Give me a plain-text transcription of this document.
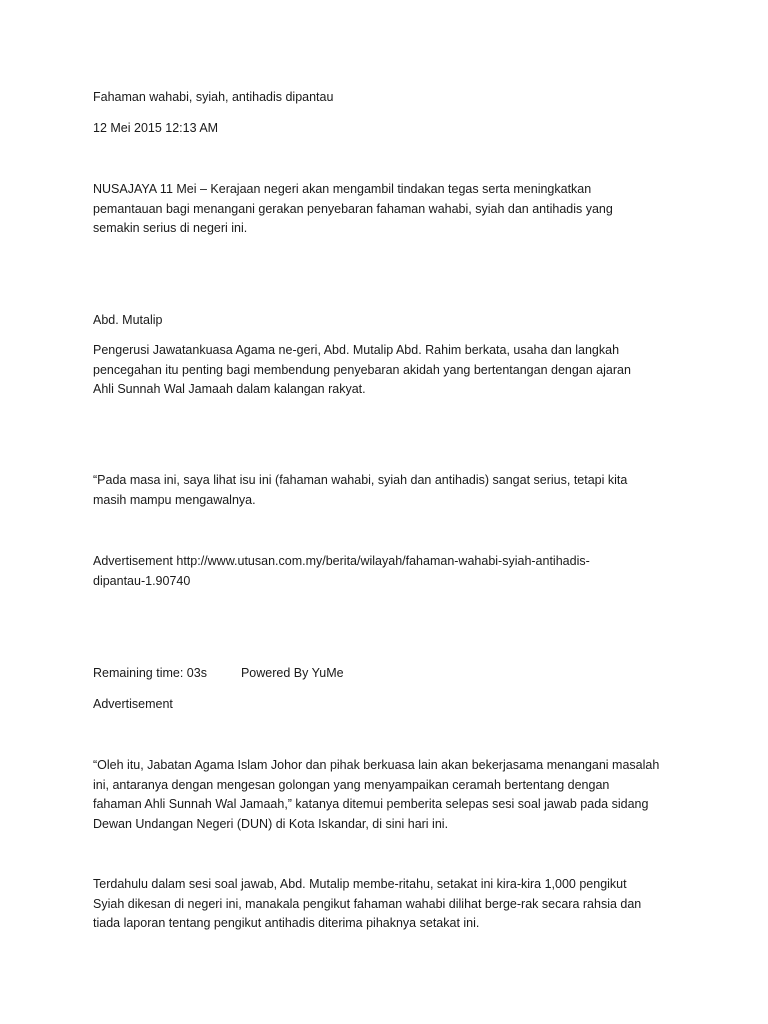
Fahaman wahabi, syiah, antihadis dipantau

12 Mei 2015 12:13 AM

NUSAJAYA 11 Mei – Kerajaan negeri akan mengambil tindakan tegas serta meningkatkan
pemantauan bagi menangani gerakan penyebaran fahaman wahabi, syiah dan antihadis yang
semakin serius di negeri ini.

Abd. Mutalip

Pengerusi Jawatankuasa Agama ne-geri, Abd. Mutalip Abd. Rahim berkata, usaha dan langkah
pencegahan itu penting bagi membendung penyebaran akidah yang bertentangan dengan ajaran
Ahli Sunnah Wal Jamaah dalam kalangan rakyat.
“Pada masa ini, saya lihat isu ini (fahaman wahabi, syiah dan antihadis) sangat serius, tetapi kita
masih mampu mengawalnya.
Advertisement http://www.utusan.com.my/berita/wilayah/fahaman-wahabi-syiah-antihadis-
dipantau-1.90740
Remaining time: 03s	Powered By YuMe

Advertisement

“Oleh itu, Jabatan Agama Islam Johor dan pihak berkuasa lain akan bekerjasama menangani masalah
ini, antaranya dengan mengesan golongan yang menyampaikan ceramah bertentang dengan
fahaman Ahli Sunnah Wal Jamaah,” katanya ditemui pemberita selepas sesi soal jawab pada sidang
Dewan Undangan Negeri (DUN) di Kota Iskandar, di sini hari ini.
Terdahulu dalam sesi soal jawab, Abd. Mutalip membe-ritahu, setakat ini kira-kira 1,000 pengikut
Syiah dikesan di negeri ini, manakala pengikut fahaman wahabi dilihat berge-rak secara rahsia dan
tiada laporan tentang pengikut antihadis diterima pihaknya setakat ini.
